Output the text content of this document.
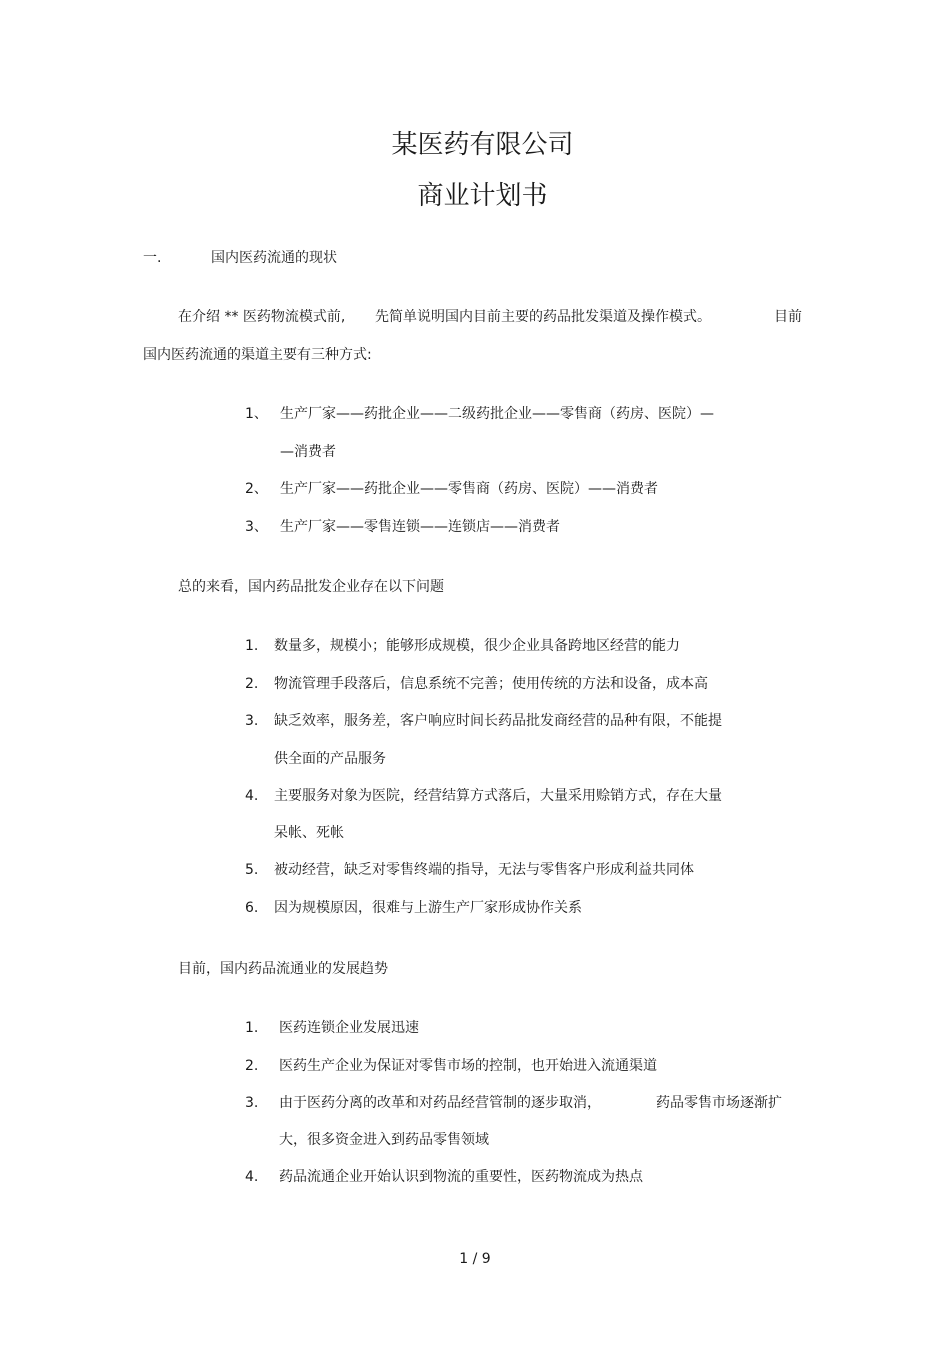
某医药有限公司
商业计划书
一.	国内医药流通的现状
在介绍 ** 医药物流模式前, 先简单说明国内目前主要的药品批发渠道及操作模式。	目前
国内医药流通的渠道主要有三种方式:
1、 生产厂家——药批企业——二级药批企业——零售商（药房、医院）—
—消费者
2、 生产厂家——药批企业——零售商（药房、医院）——消费者
3、 生产厂家——零售连锁——连锁店——消费者
总的来看，国内药品批发企业存在以下问题
1. 数量多，规模小；能够形成规模，很少企业具备跨地区经营的能力
2. 物流管理手段落后，信息系统不完善；使用传统的方法和设备，成本高
3. 缺乏效率，服务差，客户响应时间长药品批发商经营的品种有限，不能提
供全面的产品服务
4. 主要服务对象为医院，经营结算方式落后，大量采用赊销方式，存在大量
呆帐、死帐
5. 被动经营，缺乏对零售终端的指导，无法与零售客户形成利益共同体
6. 因为规模原因，很难与上游生产厂家形成协作关系
目前，国内药品流通业的发展趋势
1. 医药连锁企业发展迅速
2. 医药生产企业为保证对零售市场的控制，也开始进入流通渠道
3. 由于医药分离的改革和对药品经营管制的逐步取消，	药品零售市场逐渐扩
大，很多资金进入到药品零售领域
4. 药品流通企业开始认识到物流的重要性，医药物流成为热点
1 / 9
